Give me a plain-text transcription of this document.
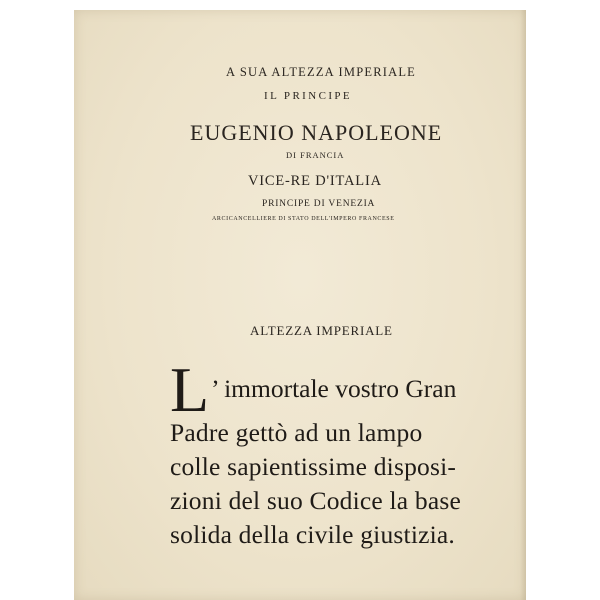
A SUA ALTEZZA IMPERIALE
IL PRINCIPE
EUGENIO NAPOLEONE
DI FRANCIA
VICE-RE D'ITALIA
PRINCIPE DI VENEZIA
ARCICANCELLIERE DI STATO DELL'IMPERO FRANCESE
ALTEZZA IMPERIALE
L ’ immortale vostro Gran
Padre gettò ad un lampo
colle sapientissime disposi-
zioni del suo Codice la base
solida della civile giustizia.
